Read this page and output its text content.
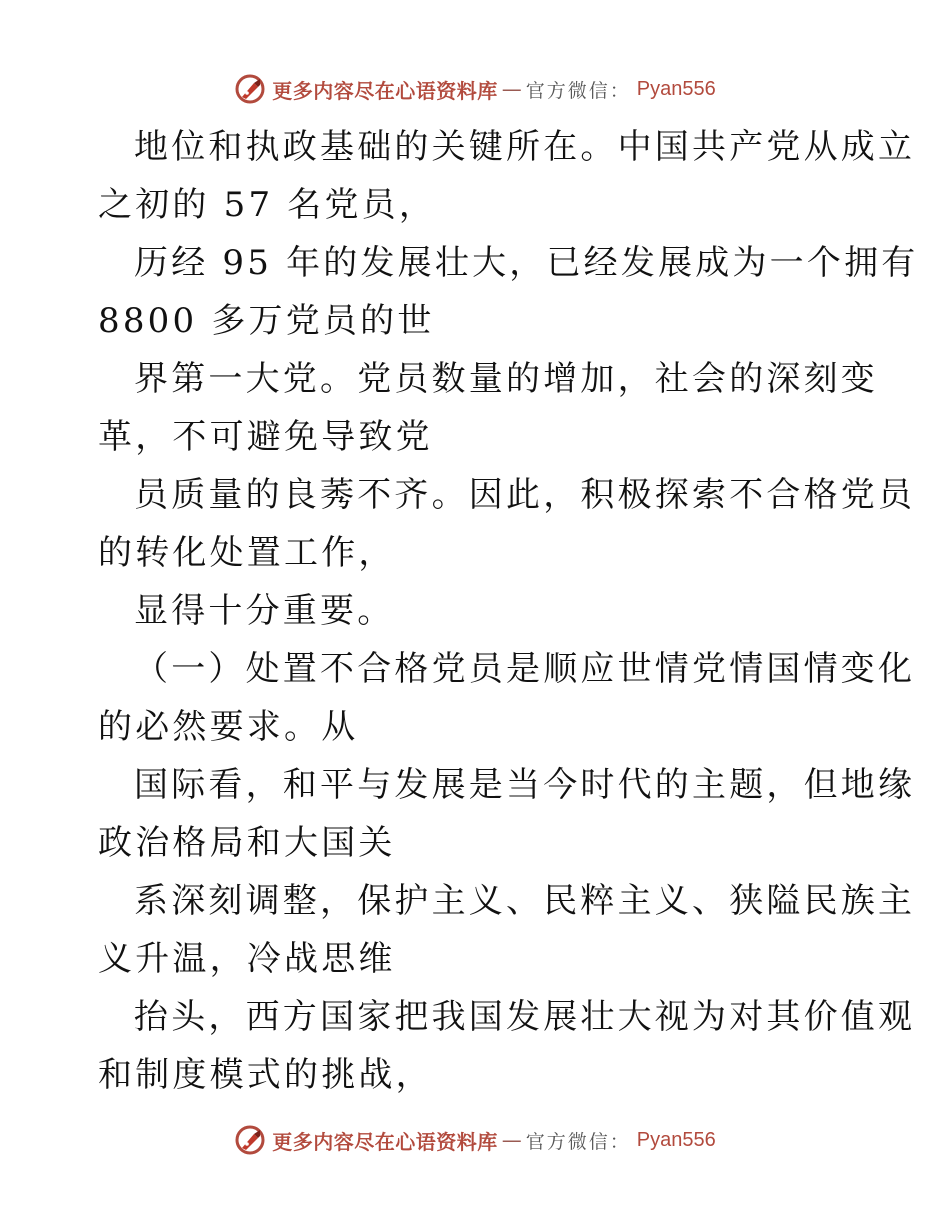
更多内容尽在心语资料库 — 官方微信： Pyan556
地位和执政基础的关键所在。中国共产党从成立
之初的 57 名党员，
历经 95 年的发展壮大，已经发展成为一个拥有
8800 多万党员的世
界第一大党。党员数量的增加，社会的深刻变
革，不可避免导致党
员质量的良莠不齐。因此，积极探索不合格党员
的转化处置工作，
显得十分重要。
（一）处置不合格党员是顺应世情党情国情变化
的必然要求。从
国际看，和平与发展是当今时代的主题，但地缘
政治格局和大国关
系深刻调整，保护主义、民粹主义、狭隘民族主
义升温，冷战思维
抬头，西方国家把我国发展壮大视为对其价值观
和制度模式的挑战，
更多内容尽在心语资料库 — 官方微信： Pyan556
